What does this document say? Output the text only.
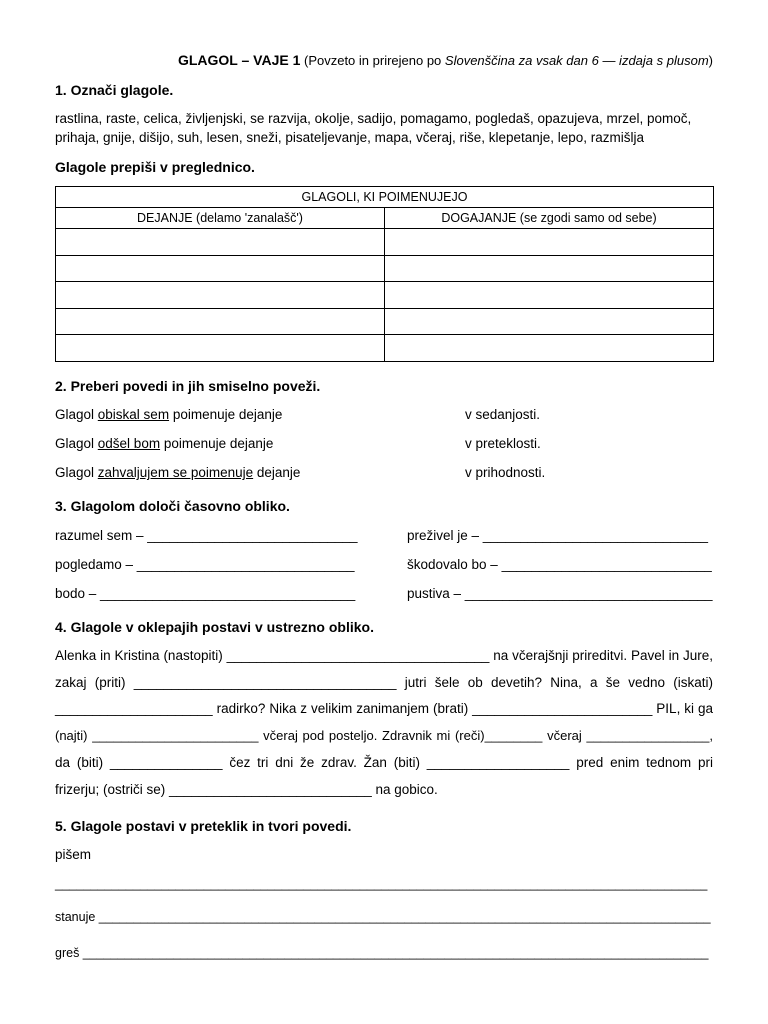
GLAGOL – VAJE 1 (Povzeto in prirejeno po Slovenščina za vsak dan 6 — izdaja s plusom)
1. Označi glagole.
rastlina, raste, celica, življenjski, se razvija, okolje, sadijo, pomagamo, pogledaš, opazujeva, mrzel, pomoč,
prihaja, gnije, dišijo, suh, lesen, sneži, pisateljevanje, mapa, včeraj, riše, klepetanje, lepo, razmišlja
Glagole prepiši v preglednico.
GLAGOLI, KI POIMENUJEJO	
DEJANJE (delamo 'zanalašč')	DOGAJANJE (se zgodi samo od sebe)

2. Preberi povedi in jih smiselno poveži.
Glagol obiskal sem poimenuje dejanje	v sedanjosti.
Glagol odšel bom poimenuje dejanje	v preteklosti.
Glagol zahvaljujem se poimenuje dejanje	v prihodnosti.
3. Glagolom določi časovno obliko.
razumel sem – ____________________________
pogledamo – _____________________________
bodo – __________________________________
preživel je – ______________________________
škodovalo bo – ____________________________
pustiva – _________________________________
4. Glagole v oklepajih postavi v ustrezno obliko.
Alenka in Kristina (nastopiti) ___________________________________ na včerajšnji prireditvi. Pavel in Jure,
zakaj (priti) ___________________________________ jutri šele ob devetih? Nina, a še vedno (iskati)
_____________________ radirko? Nika z velikim zanimanjem (brati) ________________________ PIL, ki ga
(najti) _______________________ včeraj pod posteljo. Zdravnik mi (reči)________ včeraj _________________,
da (biti) _______________ čez tri dni že zdrav. Žan (biti) ___________________ pred enim tednom pri
frizerju; (ostriči se) ___________________________ na gobico.
5. Glagole postavi v preteklik in tvori povedi.
pišem
____________________________________________________________________________________________
stanuje ________________________________________________________________________________________
greš __________________________________________________________________________________________
